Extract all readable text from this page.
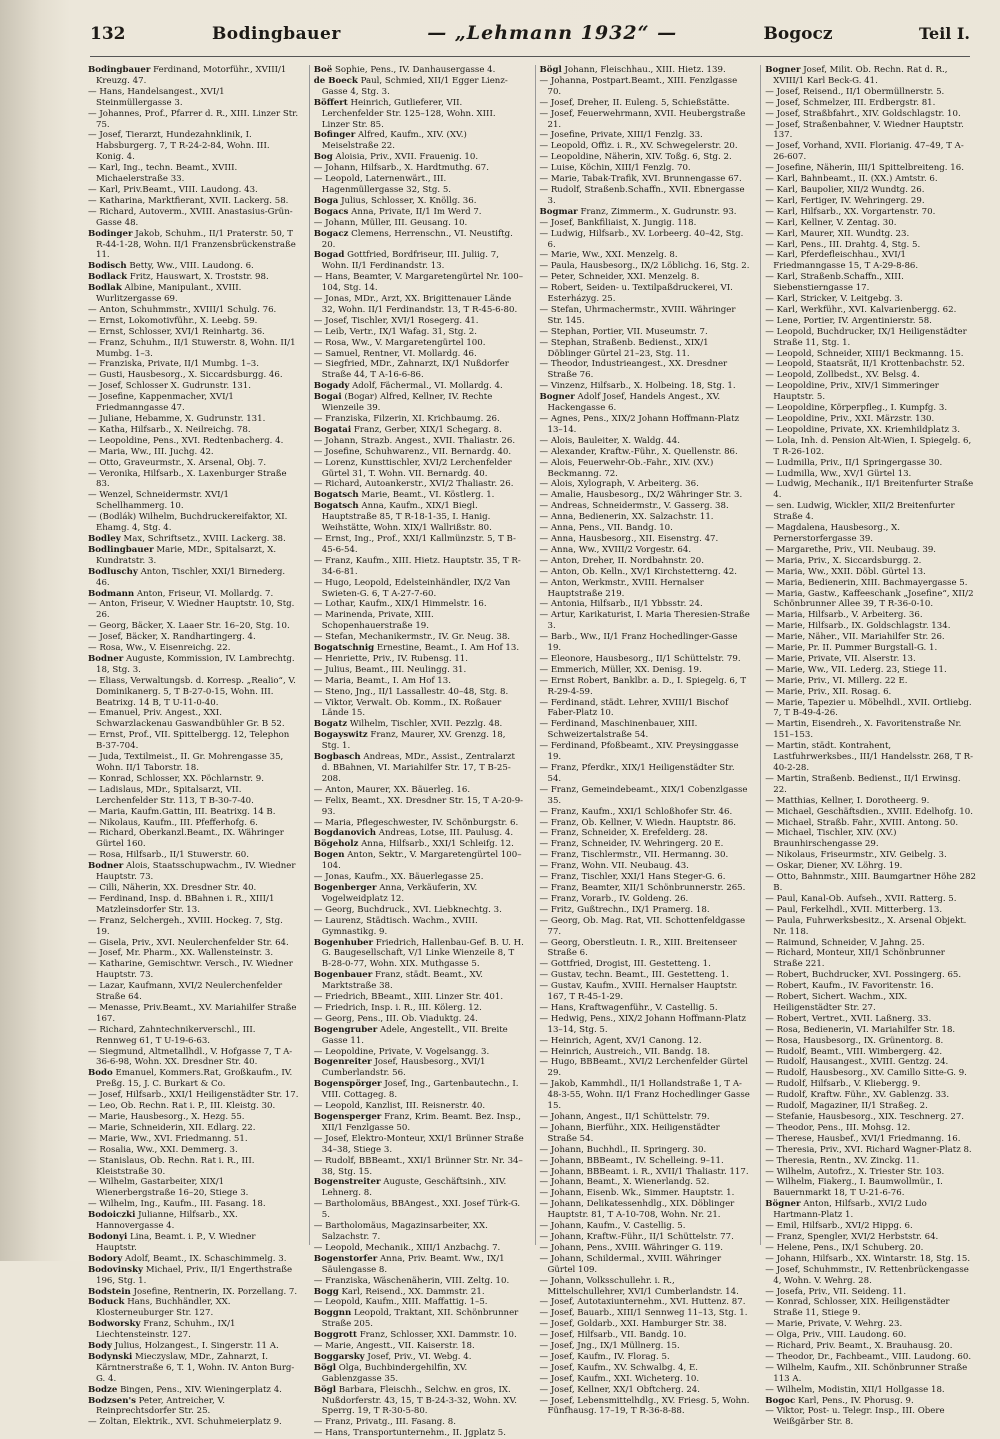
132	Bodingbauer	— „Lehmann 1932“ —	Bogocz	Teil I.

Bodingbauer Ferdinand, Motorführ., XVIII/1 Kreuzg. 47.

— Hans, Handelsangest., XVI/1 Steinmüllergasse 3.

— Johannes, Prof., Pfarrer d. R., XIII. Linzer Str. 75.

— Josef, Tierarzt, Hundezahnklinik, I. Habsburgerg. 7, T R-24-2-84, Wohn. III. Konig. 4.

— Karl, Ing., techn. Beamt., XVIII. Michaelerstraße 33.

— Karl, Priv.Beamt., VIII. Laudong. 43.

— Katharina, Marktfierant, XVII. Lackerg. 58.

— Richard, Autoverm., XVIII. Anastasius-Grün-Gasse 48.

Bodinger Jakob, Schuhm., II/1 Praterstr. 50, T R-44-1-28, Wohn. II/1 Franzensbrückenstraße 11.

Bodisch Betty, Ww., VIII. Laudong. 6.

Bodlack Fritz, Hauswart, X. Troststr. 98.

Bodlak Albine, Manipulant., XVIII. Wurlitzergasse 69.

— Anton, Schuhmmstr., XVIII/1 Schulg. 76.

— Ernst, Lokomotivführ., X. Leebg. 59.

— Ernst, Schlosser, XVI/1 Reinhartg. 36.

— Franz, Schuhm., II/1 Stuwerstr. 8, Wohn. II/1 Mumbg. 1–3.

— Franziska, Private, II/1 Mumbg. 1–3.

— Gusti, Hausbesorg., X. Siccardsburgg. 46.

— Josef, Schlosser X. Gudrunstr. 131.

— Josefine, Kappenmacher, XVI/1 Friedmanngasse 47.

— Juliane, Hebamme, X. Gudrunstr. 131.

— Katha, Hilfsarb., X. Neilreichg. 78.

— Leopoldine, Pens., XVI. Redtenbacherg. 4.

— Maria, Ww., III. Juchg. 42.

— Otto, Graveurmstr., X. Arsenal, Obj. 7.

— Veronika, Hilfsarb., X. Laxenburger Straße 83.

— Wenzel, Schneidermstr. XVI/1 Schellhammerg. 10.

— (Bodlák) Wilhelm, Buchdruckereifaktor, XI. Ehamg. 4, Stg. 4.

Bodley Max, Schriftsetz., XVIII. Lackerg. 38.

Bodlingbauer Marie, MDr., Spitalsarzt, X. Kundratstr. 3.

Bodluschy Anton, Tischler, XXI/1 Birnederg. 46.

Bodmann Anton, Friseur, VI. Mollardg. 7.

— Anton, Friseur, V. Wiedner Hauptstr. 10, Stg. 26.

— Georg, Bäcker, X. Laaer Str. 16–20, Stg. 10.

— Josef, Bäcker, X. Randhartingerg. 4.

— Rosa, Ww., V. Eisenreichg. 22.

Bodner Auguste, Kommission, IV. Lambrechtg. 18, Stg. 3.

— Eliass, Verwaltungsb. d. Korresp. „Realio“, V. Dominikanerg. 5, T B-27-0-15, Wohn. III. Beatrixg. 14 B, T U-11-0-40.

— Emanuel, Priv. Angest., XXI. Schwarzlackenau Gaswandbühler Gr. B 52.

— Ernst, Prof., VII. Spittelbergg. 12, Telephon B-37-704.

— Juda, Textilmeist., II. Gr. Mohrengasse 35, Wohn. II/1 Taborstr. 18.

— Konrad, Schlosser, XX. Pöchlarnstr. 9.

— Ladislaus, MDr., Spitalsarzt, VII. Lerchenfelder Str. 113, T B-30-7-40.

— Maria, Kaufm.Gattin, III. Beatrixg. 14 B.

— Nikolaus, Kaufm., III. Pfefferhofg. 6.

— Richard, Oberkanzl.Beamt., IX. Währinger Gürtel 160.

— Rosa, Hilfsarb., II/1 Stuwerstr. 60.

Bodner Alois, Staatsschupwachm., IV. Wiedner Hauptstr. 73.

— Cilli, Näherin, XX. Dresdner Str. 40.

— Ferdinand, Insp. d. BBahnen i. R., XIII/1 Matzleinsdorfer Str. 13.

— Franz, Selchergeh., XVIII. Hockeg. 7, Stg. 19.

— Gisela, Priv., XVI. Neulerchenfelder Str. 64.

— Josef, Mr. Pharm., XX. Wallensteinstr. 3.

— Katharine, Gemischtwr. Versch., IV. Wiedner Hauptstr. 73.

— Lazar, Kaufmann, XVI/2 Neulerchenfelder Straße 64.

— Menasse, Priv.Beamt., XV. Mariahilfer Straße 167.

— Richard, Zahntechnikerverschl., III. Rennweg 61, T U-19-6-63.

— Siegmund, Altmetallhdl., V. Hofgasse 7, T A-36-6-98, Wohn. XX. Dresdner Str. 40.

Bodo Emanuel, Kommers.Rat, Großkaufm., IV. Preßg. 15, J. C. Burkart & Co.

— Josef, Hilfsarb., XXI/1 Heiligenstädter Str. 17.

— Leo, Ob. Rechn. Rat i. P., III. Kleistg. 30.

— Marie, Hausbesorg., X. Hezg. 55.

— Marie, Schneiderin, XII. Edlarg. 22.

— Marie, Ww., XVI. Friedmanng. 51.

— Rosalia, Ww., XXI. Demmerg. 3.

— Stanislaus, Ob. Rechn. Rat i. R., III. Kleiststraße 30.

— Wilhelm, Gastarbeiter, XIX/1 Wienerbergstraße 16–20, Stiege 3.

— Wilhelm, Ing., Kaufm., III. Fasang. 18.

Bodoiczki Julianne, Hilfsarb., XX. Hannovergasse 4.

Bodonyi Lina, Beamt. i. P., V. Wiedner Hauptstr.

Bodory Adolf, Beamt., IX. Schaschimmelg. 3.

Bodovinsky Michael, Priv., II/1 Engerthstraße 196, Stg. 1.

Bodstein Josefine, Rentnerin, IX. Porzellang. 7.

Boduck Hans, Buchhändler, XX. Klosterneuburger Str. 127.

Bodworsky Franz, Schuhm., IX/1 Liechtensteinstr. 127.

Body Julius, Holzangest., I. Singerstr. 11 A.

Bodynski Mieczyslaw, MDr., Zahnarzt, I. Kärntnerstraße 6, T. 1, Wohn. IV. Anton Burg-G. 4.

Bodze Bingen, Pens., XIV. Wieningerplatz 4.

Bodzsen's Peter, Antreicher, V. Reinprechtsdorfer Str. 25.

— Zoltan, Elektrik., XVI. Schuhmeierplatz 9.

Boë Sophie, Pens., IV. Danhausergasse 4.

de Boeck Paul, Schmied, XII/1 Egger Lienz-Gasse 4, Stg. 3.

Böffert Heinrich, Gutlieferer, VII. Lerchenfelder Str. 125–128, Wohn. XIII. Linzer Str. 85.

Bofinger Alfred, Kaufm., XIV. (XV.) Meiselstraße 22.

Bog Aloisia, Priv., XVII. Frauenig. 10.

— Johann, Hilfsarb., X. Hardtmuthg. 67.

— Leopold, Laternenwärt., III. Hagenmüllergasse 32, Stg. 5.

Boga Julius, Schlosser, X. Knöllg. 36.

Bogacs Anna, Private, II/1 Im Werd 7.

— Johann, Müller, III. Geusang. 10.

Bogacz Clemens, Herrenschn., VI. Neustiftg. 20.

Bogad Gottfried, Bordfriseur, III. Juliig. 7, Wohn. II/1 Ferdinandstr. 13.

— Hans, Beamter, V. Margaretengürtel Nr. 100–104, Stg. 14.

— Jonas, MDr., Arzt, XX. Brigittenauer Lände 32, Wohn. II/1 Ferdinandstr. 13, T R-45-6-80.

— Josef, Tischler, XVI/1 Rosegerg. 41.

— Leib, Vertr., IX/1 Wafag. 31, Stg. 2.

— Rosa, Ww., V. Margaretengürtel 100.

— Samuel, Rentner, VI. Mollardg. 46.

— Siegfried, MDr., Zahnarzt, IX/1 Nußdorfer Straße 44, T A-16-6-86.

Bogady Adolf, Fächermal., VI. Mollardg. 4.

Bogai (Bogar) Alfred, Kellner, IV. Rechte Wienzeile 39.

— Franziska, Filzerin, XI. Krichbaumg. 26.

Bogatai Franz, Gerber, XIX/1 Schegarg. 8.

— Johann, Strazb. Angest., XVII. Thaliastr. 26.

— Josefine, Schuhwarenz., VII. Bernardg. 40.

— Lorenz, Kunsttischler, XVI/2 Lerchenfelder Gürtel 31, T. Wohn. VII. Bernardg. 40.

— Richard, Autoankerstr., XVI/2 Thaliastr. 26.

Bogatsch Marie, Beamt., VI. Köstlerg. 1.

Bogatsch Anna, Kaufm., XIX/1 Biegl. Hauptstraße 85, T R-18-1-35, I. Hanig. Weihstätte, Wohn. XIX/1 Wallrißstr. 80.

— Ernst, Ing., Prof., XXI/1 Kallmünzstr. 5, T B-45-6-54.

— Franz, Kaufm., XIII. Hietz. Hauptstr. 35, T R-34-6-81.

— Hugo, Leopold, Edelsteinhändler, IX/2 Van Swieten-G. 6, T A-27-7-60.

— Lothar, Kaufm., XIX/1 Himmelstr. 16.

— Marinenda, Private, XIII. Schopenhauerstraße 19.

— Stefan, Mechanikermstr., IV. Gr. Neug. 38.

Bogatschnig Ernestine, Beamt., I. Am Hof 13.

— Henriette, Priv., IV. Rubensg. 11.

— Julius, Beamt., III. Neulingg. 31.

— Maria, Beamt., I. Am Hof 13.

— Steno, Jng., II/1 Lassallestr. 40–48, Stg. 8.

— Viktor, Verwalt. Ob. Komm., IX. Roßauer Lände 15.

Bogatz Wilhelm, Tischler, XVII. Pezzlg. 48.

Bogayswitz Franz, Maurer, XV. Grenzg. 18, Stg. 1.

Bogbasch Andreas, MDr., Assist., Zentralarzt d. BBahnen, VI. Mariahilfer Str. 17, T B-25-208.

— Anton, Maurer, XX. Bäuerleg. 16.

— Felix, Beamt., XX. Dresdner Str. 15, T A-20-9-93.

— Maria, Pflegeschwester, IV. Schönburgstr. 6.

Bogdanovich Andreas, Lotse, III. Paulusg. 4.

Bögeholz Anna, Hilfsarb., XXI/1 Schleifg. 12.

Bogen Anton, Sektr., V. Margaretengürtel 100–104.

— Jonas, Kaufm., XX. Bäuerlegasse 25.

Bogenberger Anna, Verkäuferin, XV. Vogelweidplatz 12.

— Georg, Buchdruck., XVI. Liebknechtg. 3.

— Laurenz, Städtisch. Wachm., XVIII. Gymnastikg. 9.

Bogenhuber Friedrich, Hallenbau-Gef. B. U. H. G. Baugesellschaft, V/1 Linke Wienzeile 8, T B-28-0-77, Wohn. XIX. Muthgasse 5.

Bogenbauer Franz, städt. Beamt., XV. Marktstraße 38.

— Friedrich, BBeamt., XIII. Linzer Str. 401.

— Friedrich, Insp. i. R., III. Kölerg. 12.

— Georg, Pens., III. Ob. Viaduktg. 24.

Bogengruber Adele, Angestellt., VII. Breite Gasse 11.

— Leopoldine, Private, V. Vogelsangg. 3.

Bogenreiter Josef, Hausbesorg., XVI/1 Cumberlandstr. 56.

Bogenspörger Josef, Ing., Gartenbautechn., I. VIII. Cottageg. 8.

— Leopold, Kanzlist, III. Reisnerstr. 40.

Bogensperger Franz, Krim. Beamt. Bez. Insp., XII/1 Fenzlgasse 50.

— Josef, Elektro-Monteur, XXI/1 Brünner Straße 34–38, Stiege 3.

— Rudolf, BBBeamt., XXI/1 Brünner Str. Nr. 34–38, Stg. 15.

Bogenstreiter Auguste, Geschäftsinh., XIV. Lehnerg. 8.

— Bartholomäus, BBAngest., XXI. Josef Türk-G. 5.

— Bartholomäus, Magazinsarbeiter, XX. Salzachstr. 7.

— Leopold, Mechanik., XIII/1 Anzbachg. 7.

Bogenstorfer Anna, Priv. Beamt. Ww., IX/1 Säulengasse 8.

— Franziska, Wäschenäherin, VIII. Zeltg. 10.

Bogg Karl, Reisend., XX. Dammstr. 21.

— Leopold, Kaufm., XIII. Maffattig. 1–5.

Boggnn Leopold, Traktant, XII. Schönbrunner Straße 205.

Boggrott Franz, Schlosser, XXI. Dammstr. 10.

— Marie, Angestt., VII. Kaiserstr. 18.

Boggarsky Josef, Priv., VI. Webg. 4.

Bögl Olga, Buchbindergehilfin, XV. Gablenzgasse 35.

Bögl Barbara, Fleischh., Selchw. en gros, IX. Nußdorferstr. 43, 15, T B-24-3-32, Wohn. XV. Sperrg. 19, T R-30-5-80.

— Franz, Privatg., III. Fasang. 8.

— Hans, Transportunternehm., II. Jgplatz 5.

Bögl Johann, Fleischhau., XIII. Hietz. 139.

— Johanna, Postpart.Beamt., XIII. Fenzlgasse 70.

— Josef, Dreher, II. Euleng. 5, Schießstätte.

— Josef, Feuerwehrmann, XVII. Heubergstraße 21.

— Josefine, Private, XIII/1 Fenzlg. 33.

— Leopold, Offiz. i. R., XV. Schwegelerstr. 20.

— Leopoldine, Näherin, XIV. Toßg. 6, Stg. 2.

— Luise, Köchin, XIII/1 Fenzlg. 70.

— Marie, Tabak-Trafik, XVI. Brunnengasse 67.

— Rudolf, Straßenb.Schaffn., XVII. Ebnergasse 3.

Bogmar Franz, Zimmerm., X. Gudrunstr. 93.

— Josef, Bankfiliaist, X. Jungig. 118.

— Ludwig, Hilfsarb., XV. Lorbeerg. 40–42, Stg. 6.

— Marie, Ww., XXI. Menzelg. 8.

— Paula, Hausbesorg., IX/2 Löblichg. 16, Stg. 2.

— Peter, Schneider, XXI. Menzelg. 8.

— Robert, Seiden- u. Textilpaßdruckerei, VI. Esterházyg. 25.

— Stefan, Uhrmachermstr., XVIII. Währinger Str. 145.

— Stephan, Portier, VII. Museumstr. 7.

— Stephan, Straßenb. Bedienst., XIX/1 Döblinger Gürtel 21–23, Stg. 11.

— Theodor, Industrieangest., XX. Dresdner Straße 76.

— Vinzenz, Hilfsarb., X. Holbeing. 18, Stg. 1.

Bogner Adolf Josef, Handels Angest., XV. Hackengasse 6.

— Agnes, Pens., XIX/2 Johann Hoffmann-Platz 13–14.

— Alois, Bauleiter, X. Waldg. 44.

— Alexander, Kraftw.-Führ., X. Quellenstr. 86.

— Alois, Feuerwehr-Ob.-Fahr., XIV. (XV.) Beckmanng. 72.

— Alois, Xylograph, V. Arbeiterg. 36.

— Amalie, Hausbesorg., IX/2 Währinger Str. 3.

— Andreas, Schneidermstr., V. Gasserg. 38.

— Anna, Bedienerin, XX. Salzachstr. 11.

— Anna, Pens., VII. Bandg. 10.

— Anna, Hausbesorg., XII. Eisenstrg. 47.

— Anna, Ww., XVIII/2 Vorgestr. 64.

— Anton, Dreher, II. Nordbahnstr. 20.

— Anton, Ob. Kelln., XV/1 Kirchstetterng. 42.

— Anton, Werkmstr., XVIII. Hernalser Hauptstraße 219.

— Antonia, Hilfsarb., II/1 Ybbsstr. 24.

— Artur, Karikaturist, I. Maria Theresien-Straße 3.

— Barb., Ww., II/1 Franz Hochedlinger-Gasse 19.

— Eleonore, Hausbesorg., II/1 Schüttelstr. 79.

— Emmerich, Müller, XX. Denisg. 19.

— Ernst Robert, Banklbr. a. D., I. Spiegelg. 6, T R-29-4-59.

— Ferdinand, städt. Lehrer, XVIII/1 Bischof Faber-Platz 10.

— Ferdinand, Maschinenbauer, XIII. Schweizertalstraße 54.

— Ferdinand, Pfoßbeamt., XIV. Preysinggasse 19.

— Franz, Pferdkr., XIX/1 Heiligenstädter Str. 54.

— Franz, Gemeindebeamt., XIX/1 Cobenzlgasse 35.

— Franz, Kaufm., XXI/1 Schloßhofer Str. 46.

— Franz, Ob. Kellner, V. Wiedn. Hauptstr. 86.

— Franz, Schneider, X. Erefelderg. 28.

— Franz, Schneider, IV. Wehringerg. 20 E.

— Franz, Tischlermstr., VII. Hermanng. 30.

— Franz, Wohn. VII. Neubaug. 43.

— Franz, Tischler, XXI/1 Hans Steger-G. 6.

— Franz, Beamter, XII/1 Schönbrunnerstr. 265.

— Franz, Vorarb., IV. Goldeng. 26.

— Fritz, Gußtrechn., IX/1 Pramerg. 18.

— Georg, Ob. Mag. Rat, VII. Schottenfeldgasse 77.

— Georg, Oberstleutn. I. R., XIII. Breitenseer Straße 6.

— Gottfried, Drogist, III. Gestetteng. 1.

— Gustav, techn. Beamt., III. Gestetteng. 1.

— Gustav, Kaufm., XVIII. Hernalser Hauptstr. 167, T R-45-1-29.

— Hans, Kraftwagenführ., V. Castellig. 5.

— Hedwig, Pens., XIX/2 Johann Hoffmann-Platz 13–14, Stg. 5.

— Heinrich, Agent, XV/1 Canong. 12.

— Heinrich, Austreich., VII. Bandg. 18.

— Hugo, BBBeamt., XVI/2 Lerchenfelder Gürtel 29.

— Jakob, Kammhdl., II/1 Hollandstraße 1, T A-48-3-55, Wohn. II/1 Franz Hochedlinger Gasse 15.

— Johann, Angest., II/1 Schüttelstr. 79.

— Johann, Bierführ., XIX. Heiligenstädter Straße 54.

— Johann, Buchhdl., II. Springerg. 30.

— Johann, BBBeamt., IV. Schelleing. 9–11.

— Johann, BBBeamt. i. R., XVII/1 Thaliastr. 117.

— Johann, Beamt., X. Wienerlandg. 52.

— Johann, Eisenb. Wk., Simmer. Hauptstr. 1.

— Johann, Delikatessenhdlg., XIX. Döblinger Hauptstr. 81, T A-10-708, Wohn. Nr. 21.

— Johann, Kaufm., V. Castellig. 5.

— Johann, Kraftw.-Führ., II/1 Schüttelstr. 77.

— Johann, Pens., XVIII. Währinger G. 119.

— Johann, Schildermal., XVIII. Währinger Gürtel 109.

— Johann, Volksschullehr. i. R., Mittelschullehrer, XVI/1 Cumberlandstr. 14.

— Josef, Autotaxiunternehm., XVI. Huttenz. 87.

— Josef, Bauarb., XIII/1 Sennweg 11–13, Stg. 1.

— Josef, Goldarb., XXI. Hamburger Str. 38.

— Josef, Hilfsarb., VII. Bandg. 10.

— Josef, Jng., IX/1 Müllnerg. 15.

— Josef, Kaufm., IV. Florag. 5.

— Josef, Kaufm., XV. Schwalbg. 4, E.

— Josef, Kaufm., XXI. Wicheterg. 10.

— Josef, Kellner, XX/1 Obftcherg. 24.

— Josef, Lebensmittelhdlg., XV. Friesg. 5, Wohn. Fünfhausg. 17–19, T R-36-8-88.

Bogner Josef, Milit. Ob. Rechn. Rat d. R., XVIII/1 Karl Beck-G. 41.

— Josef, Reisend., II/1 Obermüllnerstr. 5.

— Josef, Schmelzer, III. Erdbergstr. 81.

— Josef, Straßbfahrt., XIV. Goldschlagstr. 10.

— Josef, Straßenbahner, V. Wiedner Hauptstr. 137.

— Josef, Vorhand, XVII. Florianig. 47–49, T A-26-607.

— Josefine, Näherin, III/1 Spittelbreiteng. 16.

— Karl, Bahnbeamt., II. (XX.) Amtstr. 6.

— Karl, Baupolier, XII/2 Wundtg. 26.

— Karl, Fertiger, IV. Wehringerg. 29.

— Karl, Hilfsarb., XX. Vorgartenstr. 70.

— Karl, Kellner, V. Zentag. 30.

— Karl, Maurer, XII. Wundtg. 23.

— Karl, Pens., III. Drahtg. 4, Stg. 5.

— Karl, Pferdefleischhau., XVI/1 Friedmanngasse 15, T A-29-8-86.

— Karl, Straßenb.Schaffn., XIII. Siebenstierngasse 17.

— Karl, Stricker, V. Leitgebg. 3.

— Karl, Werkführ., XVI. Kalvarienbergg. 62.

— Lene, Portier, IV. Argentinierstr. 58.

— Leopold, Buchdrucker, IX/1 Heiligenstädter Straße 11, Stg. 1.

— Leopold, Schneider, XIII/1 Beckmanng. 15.

— Leopold, Staatsrät, II/1 Krottenbachstr. 52.

— Leopold, Zollbedst., XV. Belsg. 4.

— Leopoldine, Priv., XIV/1 Simmeringer Hauptstr. 5.

— Leopoldine, Körperpfleg., I. Kumpfg. 3.

— Leopoldine, Priv., XXI. Märzstr. 130.

— Leopoldine, Private, XX. Kriemhildplatz 3.

— Lola, Inh. d. Pension Alt-Wien, I. Spiegelg. 6, T R-26-102.

— Ludmilla, Priv., II/1 Springergasse 30.

— Ludmilla, Ww., XV/1 Gürtel 13.

— Ludwig, Mechanik., II/1 Breitenfurter Straße 4.

— sen. Ludwig, Wickler, XII/2 Breitenfurter Straße 4.

— Magdalena, Hausbesorg., X. Pernerstorfergasse 39.

— Margarethe, Priv., VII. Neubaug. 39.

— Maria, Priv., X. Siccardsburgg. 2.

— Maria, Ww., XXII. Döbl. Gürtel 13.

— Maria, Bedienerin, XIII. Bachmayergasse 5.

— Maria, Gastw., Kaffeeschank „Josefine“, XII/2 Schönbrunner Allee 39, T R-36-0-10.

— Maria, Hilfsarb., V. Arbeiterg. 36.

— Marie, Hilfsarb., IX. Goldschlagstr. 134.

— Marie, Näher., VII. Mariahilfer Str. 26.

— Marie, Pr. II. Pummer Burgstall-G. 1.

— Marie, Private, VII. Alserstr. 13.

— Marie, Ww., VII. Lederg. 23, Stiege 11.

— Marie, Priv., VI. Millerg. 22 E.

— Marie, Priv., XII. Rosag. 6.

— Marie, Tapezier u. Möbelhdl., XVII. Ortliebg. 7, T B-49-4-26.

— Martin, Eisendreh., X. Favoritenstraße Nr. 151–153.

— Martin, städt. Kontrahent, Lastfuhrwerksbes., III/1 Handelsstr. 268, T R-40-2-28.

— Martin, Straßenb. Bedienst., II/1 Erwinsg. 22.

— Matthias, Kellner, I. Dorotheerg. 9.

— Michael, Geschäftsdien., XVIII. Edelhofg. 10.

— Michael, Straßb. Fahr., XVIII. Antong. 50.

— Michael, Tischler, XIV. (XV.) Braunhirschengasse 29.

— Nikolaus, Friseurmstr., XIV. Geibelg. 3.

— Oskar, Diener, XV. Löhrg. 19.

— Otto, Bahnmstr., XIII. Baumgartner Höhe 282 B.

— Paul, Kanal-Ob. Aufseh., XVII. Ratterg. 5.

— Paul, Ferkelhdl., XVII. Mitterberg. 13.

— Paula, Fuhrwerksbesitz., X. Arsenal Objekt. Nr. 118.

— Raimund, Schneider, V. Jahng. 25.

— Richard, Monteur, XII/1 Schönbrunner Straße 221.

— Robert, Buchdrucker, XVI. Possingerg. 65.

— Robert, Kaufm., IV. Favoritenstr. 16.

— Robert, Sichert. Wachm., XIX. Heiligenstädter Str. 27.

— Robert, Vertret., XVII. Laßnerg. 33.

— Rosa, Bedienerin, VI. Mariahilfer Str. 18.

— Rosa, Hausbesorg., IX. Grünentorg. 8.

— Rudolf, Beamt., VIII. Wimbergerg. 42.

— Rudolf, Hausangest., XVIII. Gentzg. 24.

— Rudolf, Hausbesorg., XV. Camillo Sitte-G. 9.

— Rudolf, Hilfsarb., V. Kliebergg. 9.

— Rudolf, Kraftw. Führ., XV. Gablenzg. 33.

— Rudolf, Magaziner, II/1 Straßeg. 2.

— Stefanie, Hausbesorg., XIX. Teschnerg. 27.

— Theodor, Pens., III. Mohsg. 12.

— Therese, Hausbef., XVI/1 Friedmanng. 16.

— Theresia, Priv., XVI. Richard Wagner-Platz 8.

— Theresia, Rentn., XV. Zinckg. 11.

— Wilhelm, Autofrz., X. Triester Str. 103.

— Wilhelm, Fiakerg., I. Baumwollmür., I. Bauernmarkt 18, T U-21-6-76.

Bögner Anton, Hilfsarb., XVI/2 Ludo Hartmann-Platz 1.

— Emil, Hilfsarb., XVI/2 Hippg. 6.

— Franz, Spengler, XVI/2 Herbststr. 64.

— Helene, Pens., IX/1 Schuberg. 20.

— Johann, Hilfsarb., XX. Wintarstr. 18, Stg. 15.

— Josef, Schuhmmstr., IV. Rettenbrückengasse 4, Wohn. V. Wehrg. 28.

— Josefa, Priv., VII. Seideng. 11.

— Konrad, Schlosser, XIX. Heiligenstädter Straße 11, Stiege 9.

— Marie, Private, V. Wehrg. 23.

— Olga, Priv., VIII. Laudong. 60.

— Richard, Priv. Beamt., X. Brauhausg. 20.

— Theodor, Dr., Fachbeamt., VIII. Laudong. 60.

— Wilhelm, Kaufm., XII. Schönbrunner Straße 113 A.

— Wilhelm, Modistin, XII/1 Hollgasse 18.

Bogoc Karl, Pens., IV. Phorusg. 9.

— Viktor, Post- u. Telegr. Insp., III. Obere Weißgärber Str. 8.
